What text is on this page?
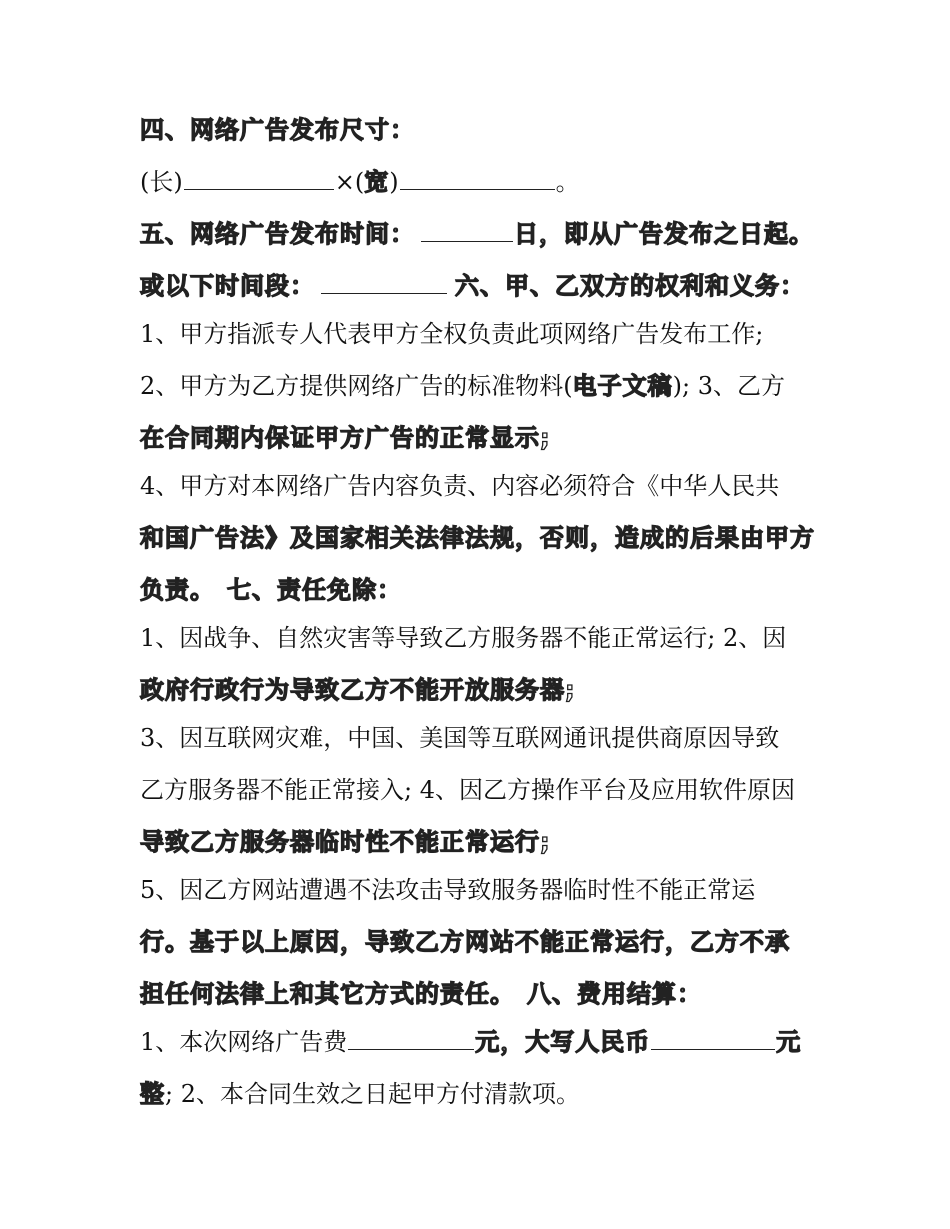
四、网络广告发布尺寸：
(长)	×(宽)	。
五、网络广告发布时间：	日，即从广告发布之日起。
或以下时间段：	六、甲、乙双方的权利和义务：
1、甲方指派专人代表甲方全权负责此项网络广告发布工作;
2、甲方为乙方提供网络广告的标准物料(电子文稿); 3、乙方
在合同期内保证甲方广告的正常显示;
4、甲方对本网络广告内容负责、内容必须符合《中华人民共
和国广告法》及国家相关法律法规，否则，造成的后果由甲方
负责。 七、责任免除：
1、因战争、自然灾害等导致乙方服务器不能正常运行; 2、因
政府行政行为导致乙方不能开放服务器;
3、因互联网灾难，中国、美国等互联网通讯提供商原因导致
乙方服务器不能正常接入; 4、因乙方操作平台及应用软件原因
导致乙方服务器临时性不能正常运行;
5、因乙方网站遭遇不法攻击导致服务器临时性不能正常运
行。基于以上原因，导致乙方网站不能正常运行，乙方不承
担任何法律上和其它方式的责任。 八、费用结算：
1、本次网络广告费	元，大写人民币	元
整; 2、本合同生效之日起甲方付清款项。
